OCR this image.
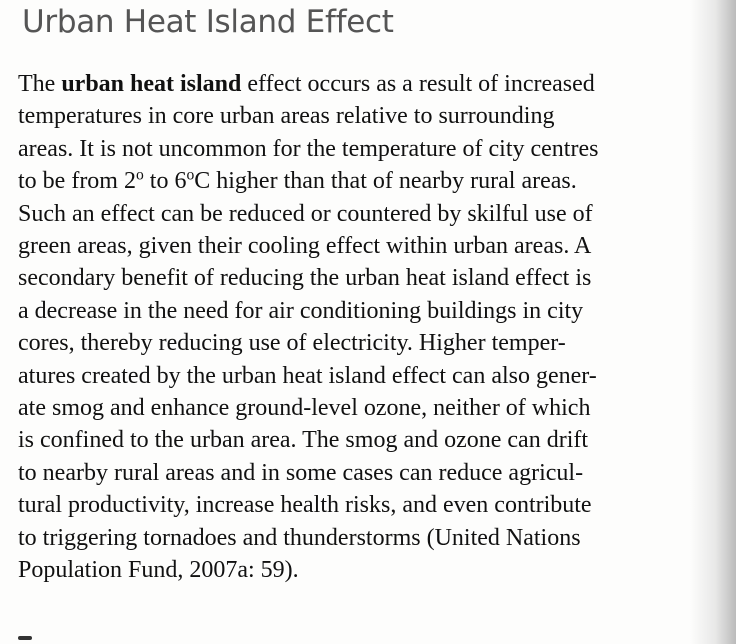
Urban Heat Island Effect
The urban heat island effect occurs as a result of increased
temperatures in core urban areas relative to surrounding
areas. It is not uncommon for the temperature of city centres
to be from 2$^o$ to 6$^o$C higher than that of nearby rural areas.
Such an effect can be reduced or countered by skilful use of
green areas, given their cooling effect within urban areas. A
secondary benefit of reducing the urban heat island effect is
a decrease in the need for air conditioning buildings in city
cores, thereby reducing use of electricity. Higher temper-
atures created by the urban heat island effect can also gener-
ate smog and enhance ground-level ozone, neither of which
is confined to the urban area. The smog and ozone can drift
to nearby rural areas and in some cases can reduce agricul-
tural productivity, increase health risks, and even contribute
to triggering tornadoes and thunderstorms (United Nations
Population Fund, 2007a: 59).
